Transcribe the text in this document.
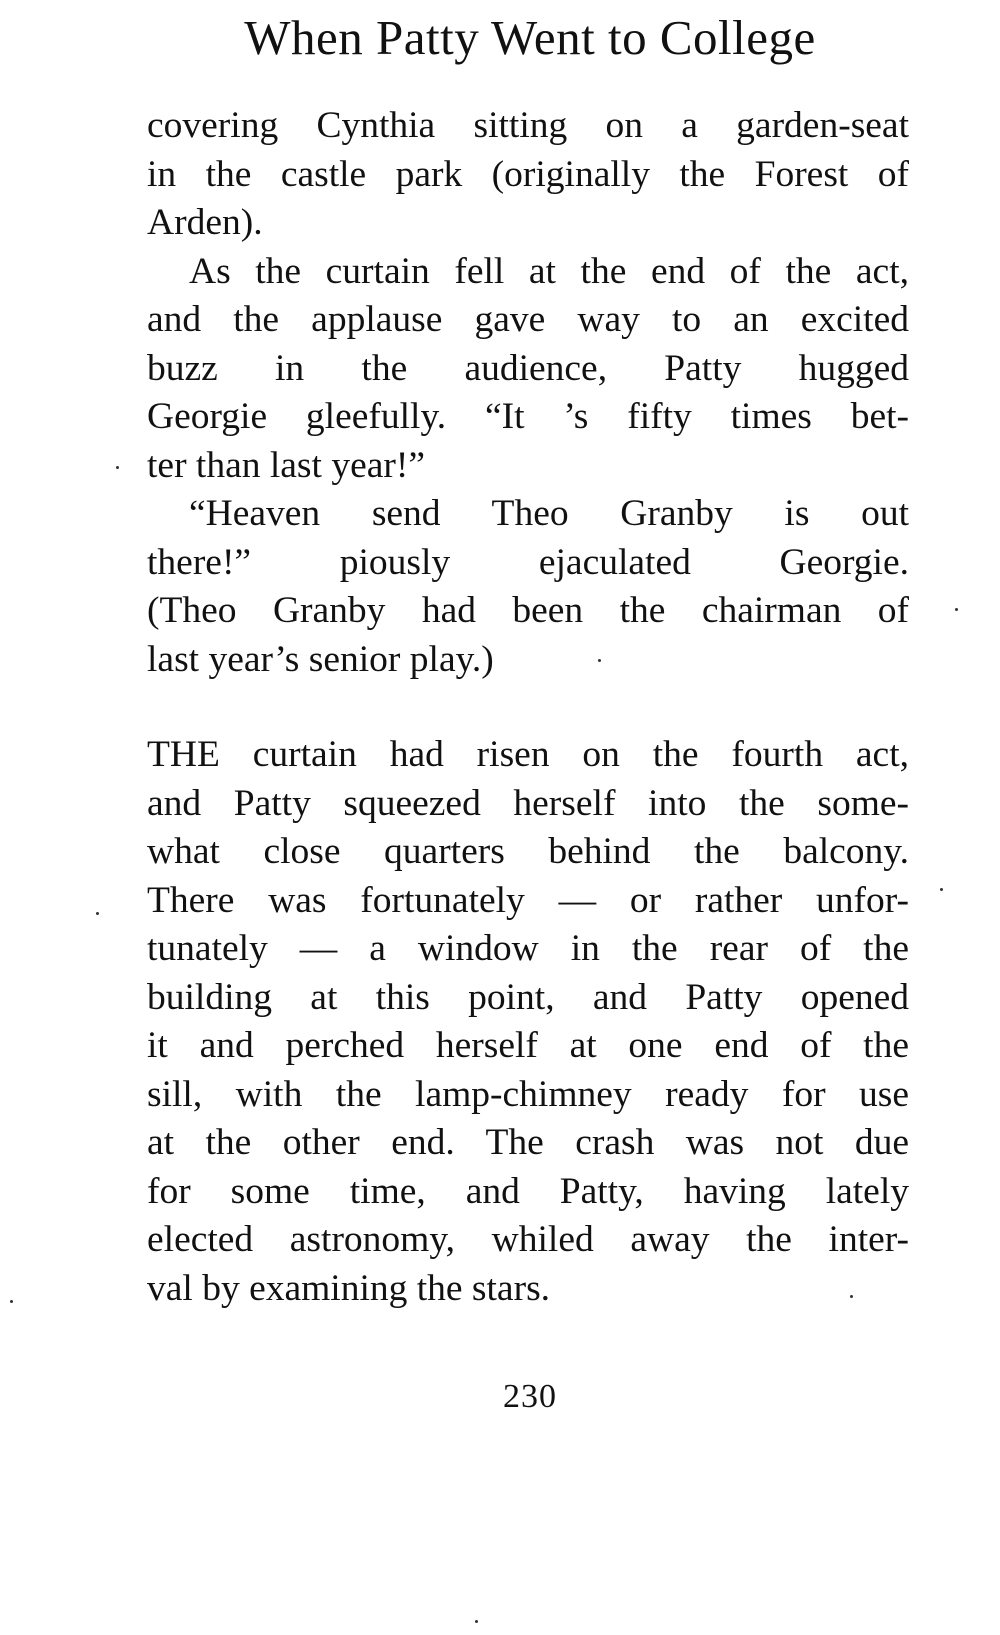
When Patty Went to College
covering Cynthia sitting on a garden-seat
in the castle park (originally the Forest of
Arden).
As the curtain fell at the end of the act,
and the applause gave way to an excited
buzz in the audience, Patty hugged
Georgie gleefully. “It ’s fifty times bet-
ter than last year!”
“Heaven send Theo Granby is out
there!” piously ejaculated Georgie.
(Theo Granby had been the chairman of
last year’s senior play.)
THE curtain had risen on the fourth act,
and Patty squeezed herself into the some-
what close quarters behind the balcony.
There was fortunately — or rather unfor-
tunately — a window in the rear of the
building at this point, and Patty opened
it and perched herself at one end of the
sill, with the lamp-chimney ready for use
at the other end. The crash was not due
for some time, and Patty, having lately
elected astronomy, whiled away the inter-
val by examining the stars.
230
